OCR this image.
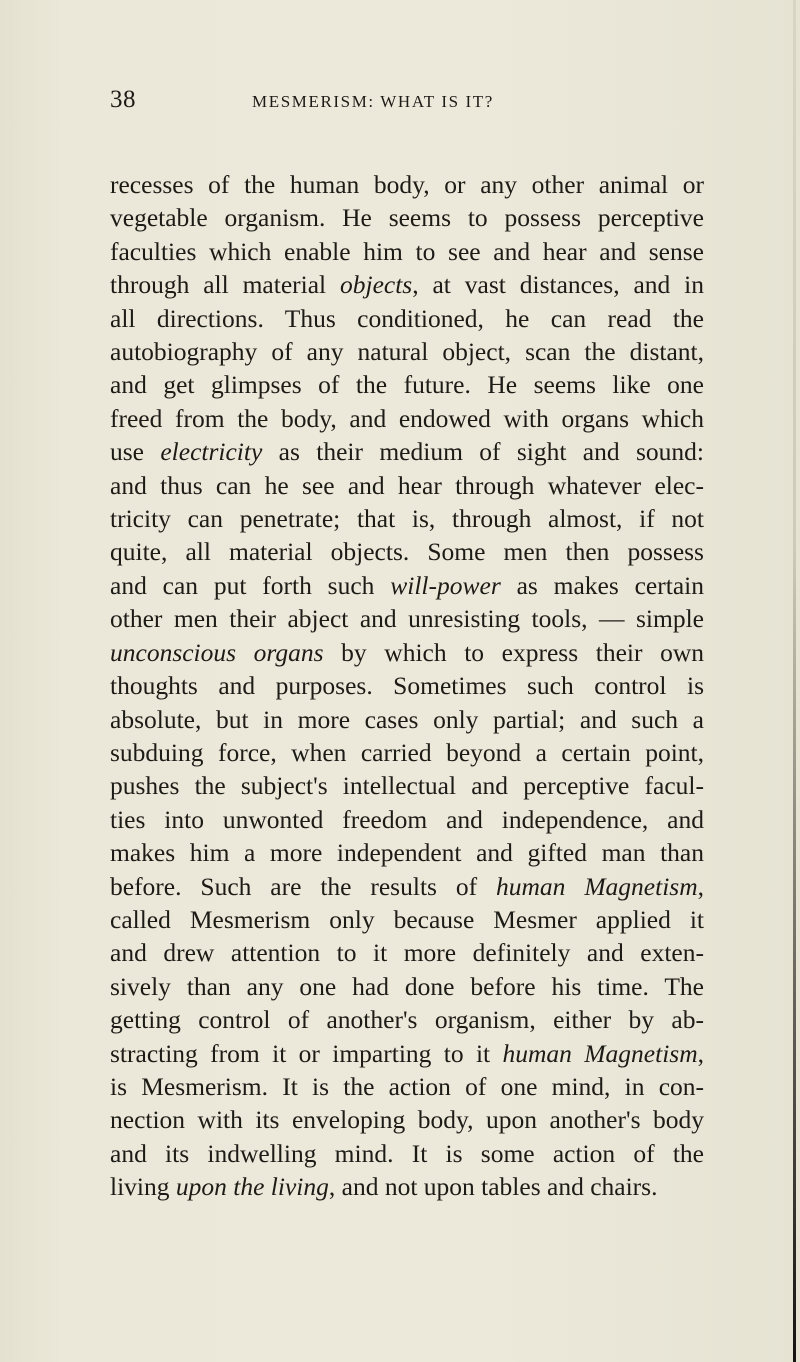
38	MESMERISM: WHAT IS IT?
recesses of the human body, or any other animal or
vegetable organism. He seems to possess perceptive
faculties which enable him to see and hear and sense
through all material objects, at vast distances, and in
all directions. Thus conditioned, he can read the
autobiography of any natural object, scan the distant,
and get glimpses of the future. He seems like one
freed from the body, and endowed with organs which
use electricity as their medium of sight and sound:
and thus can he see and hear through whatever elec-
tricity can penetrate; that is, through almost, if not
quite, all material objects. Some men then possess
and can put forth such will-power as makes certain
other men their abject and unresisting tools, — simple
unconscious organs by which to express their own
thoughts and purposes. Sometimes such control is
absolute, but in more cases only partial; and such a
subduing force, when carried beyond a certain point,
pushes the subject's intellectual and perceptive facul-
ties into unwonted freedom and independence, and
makes him a more independent and gifted man than
before. Such are the results of human Magnetism,
called Mesmerism only because Mesmer applied it
and drew attention to it more definitely and exten-
sively than any one had done before his time. The
getting control of another's organism, either by ab-
stracting from it or imparting to it human Magnetism,
is Mesmerism. It is the action of one mind, in con-
nection with its enveloping body, upon another's body
and its indwelling mind. It is some action of the
living upon the living, and not upon tables and chairs.
